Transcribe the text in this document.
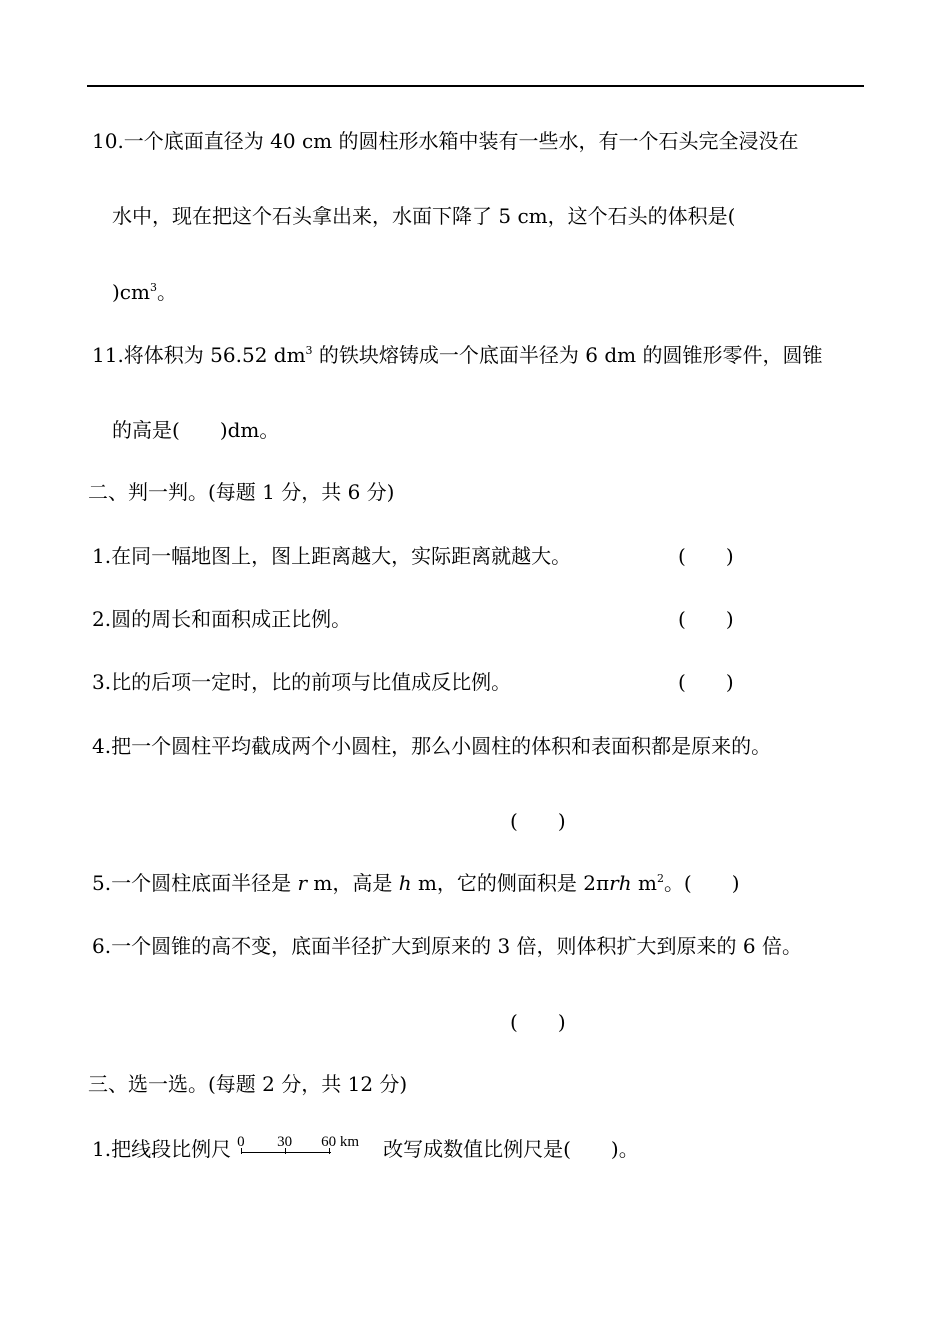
10.一个底面直径为 40 cm 的圆柱形水箱中装有一些水，有一个石头完全浸没在
水中，现在把这个石头拿出来，水面下降了 5 cm，这个石头的体积是(
)$cm^3$。
11.将体积为 56.52 $dm^3$ 的铁块熔铸成一个底面半径为 6 dm 的圆锥形零件，圆锥
的高是( )dm。
二、判一判。(每题 1 分，共 6 分)
1.在同一幅地图上，图上距离越大，实际距离就越大。	( )
2.圆的周长和面积成正比例。	( )
3.比的后项一定时，比的前项与比值成反比例。	( )
4.把一个圆柱平均截成两个小圆柱，那么小圆柱的体积和表面积都是原来的。
( )
5.一个圆柱底面半径是 r m，高是 h m，它的侧面积是 2πrh $m^2$。( )
6.一个圆锥的高不变，底面半径扩大到原来的 3 倍，则体积扩大到原来的 6 倍。
( )
三、选一选。(每题 2 分，共 12 分)
1.把线段比例尺 0 30 60 km 改写成数值比例尺是( )。
